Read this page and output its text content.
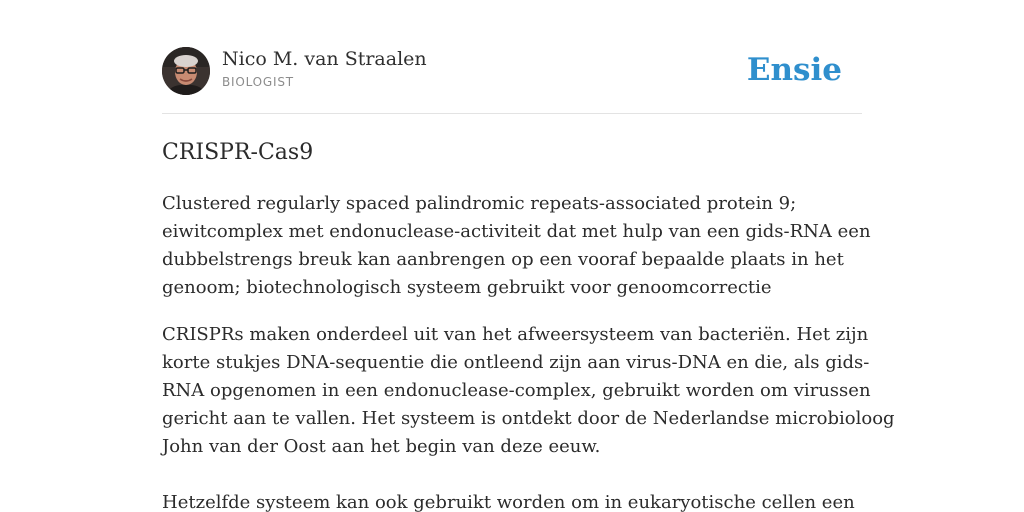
Nico M. van Straalen
BIOLOGIST	Ensie
CRISPR-Cas9

Clustered regularly spaced palindromic repeats-associated protein 9;
eiwitcomplex met endonuclease-activiteit dat met hulp van een gids-RNA een
dubbelstrengs breuk kan aanbrengen op een vooraf bepaalde plaats in het
genoom; biotechnologisch systeem gebruikt voor genoomcorrectie

CRISPRs maken onderdeel uit van het afweersysteem van bacteriën. Het zijn
korte stukjes DNA-sequentie die ontleend zijn aan virus-DNA en die, als gids-
RNA opgenomen in een endonuclease-complex, gebruikt worden om virussen
gericht aan te vallen. Het systeem is ontdekt door de Nederlandse microbioloog
John van der Oost aan het begin van deze eeuw.

Hetzelfde systeem kan ook gebruikt worden om in eukaryotische cellen een
